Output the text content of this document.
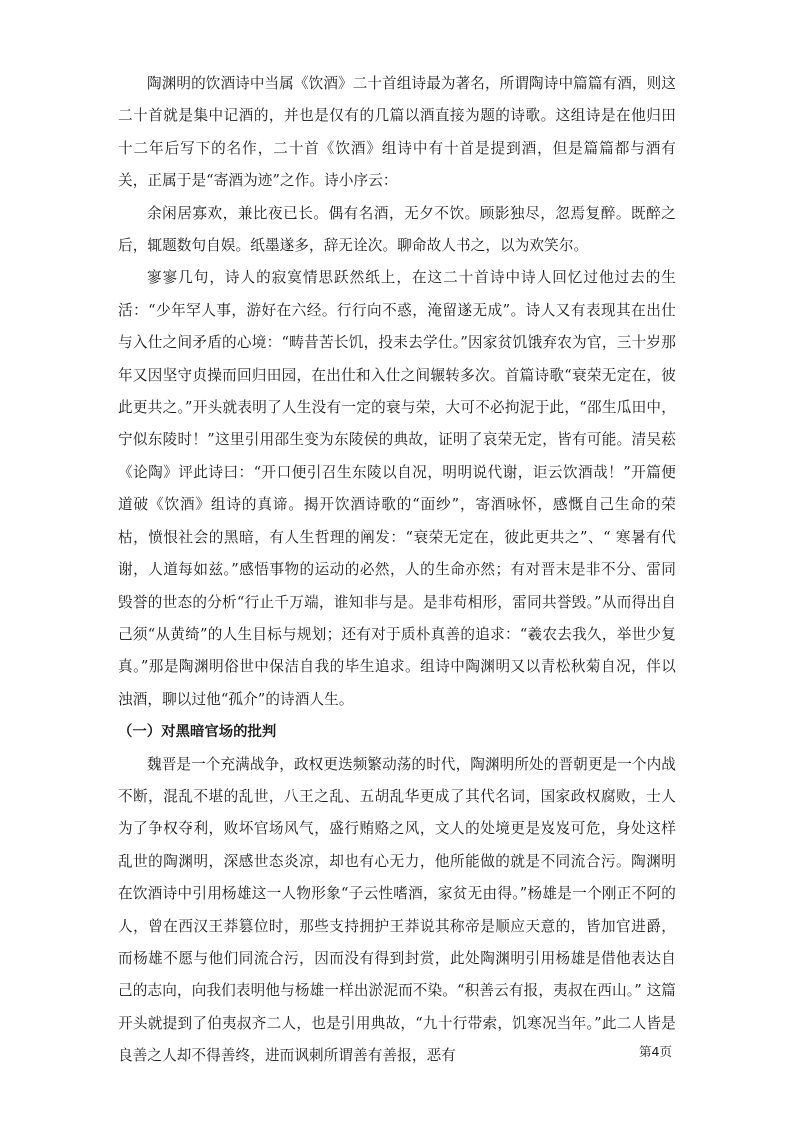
陶渊明的饮酒诗中当属《饮酒》二十首组诗最为著名，所谓陶诗中篇篇有酒，则这二十首就是集中记酒的，并也是仅有的几篇以酒直接为题的诗歌。这组诗是在他归田十二年后写下的名作，二十首《饮酒》组诗中有十首是提到酒，但是篇篇都与酒有关，正属于是“寄酒为迹”之作。诗小序云：

余闲居寡欢，兼比夜已长。偶有名酒，无夕不饮。顾影独尽，忽焉复醉。既醉之后，辄题数句自娱。纸墨遂多，辞无诠次。聊命故人书之，以为欢笑尔。

寥寥几句，诗人的寂寞情思跃然纸上，在这二十首诗中诗人回忆过他过去的生活：“少年罕人事，游好在六经。行行向不惑，淹留遂无成”。诗人又有表现其在出仕与入仕之间矛盾的心境：“畴昔苦长饥，投耒去学仕。”因家贫饥饿弃农为官，三十岁那年又因坚守贞操而回归田园，在出仕和入仕之间辗转多次。首篇诗歌“衰荣无定在，彼此更共之。”开头就表明了人生没有一定的衰与荣，大可不必拘泥于此，“邵生瓜田中，宁似东陵时！”这里引用邵生变为东陵侯的典故，证明了哀荣无定，皆有可能。清吴菘《论陶》评此诗曰：“开口便引召生东陵以自况，明明说代谢，讵云饮酒哉！”开篇便道破《饮酒》组诗的真谛。揭开饮酒诗歌的“面纱”，寄酒咏怀，感慨自己生命的荣枯，愤恨社会的黑暗，有人生哲理的阐发：“衰荣无定在，彼此更共之”、“ 寒暑有代谢，人道每如兹。”感悟事物的运动的必然，人的生命亦然；有对晋末是非不分、雷同毁誉的世态的分析“行止千万端，谁知非与是。是非苟相形，雷同共誉毁。”从而得出自己须“从黄绮”的人生目标与规划；还有对于质朴真善的追求：“羲农去我久，举世少复真。”那是陶渊明俗世中保洁自我的毕生追求。组诗中陶渊明又以青松秋菊自况，伴以浊酒，聊以过他“孤介”的诗酒人生。

（一）对黑暗官场的批判

魏晋是一个充满战争，政权更迭频繁动荡的时代，陶渊明所处的晋朝更是一个内战不断，混乱不堪的乱世，八王之乱、五胡乱华更成了其代名词，国家政权腐败，士人为了争权夺利，败坏官场风气，盛行贿赂之风，文人的处境更是岌岌可危，身处这样乱世的陶渊明，深感世态炎凉，却也有心无力，他所能做的就是不同流合污。陶渊明在饮酒诗中引用杨雄这一人物形象“子云性嗜酒，家贫无由得。”杨雄是一个刚正不阿的人，曾在西汉王莽篡位时，那些支持拥护王莽说其称帝是顺应天意的，皆加官进爵，而杨雄不愿与他们同流合污，因而没有得到封赏，此处陶渊明引用杨雄是借他表达自己的志向，向我们表明他与杨雄一样出淤泥而不染。“积善云有报，夷叔在西山。” 这篇开头就提到了伯夷叔齐二人，也是引用典故，“九十行带索，饥寒况当年。”此二人皆是良善之人却不得善终，进而讽刺所谓善有善报，恶有	第4页
